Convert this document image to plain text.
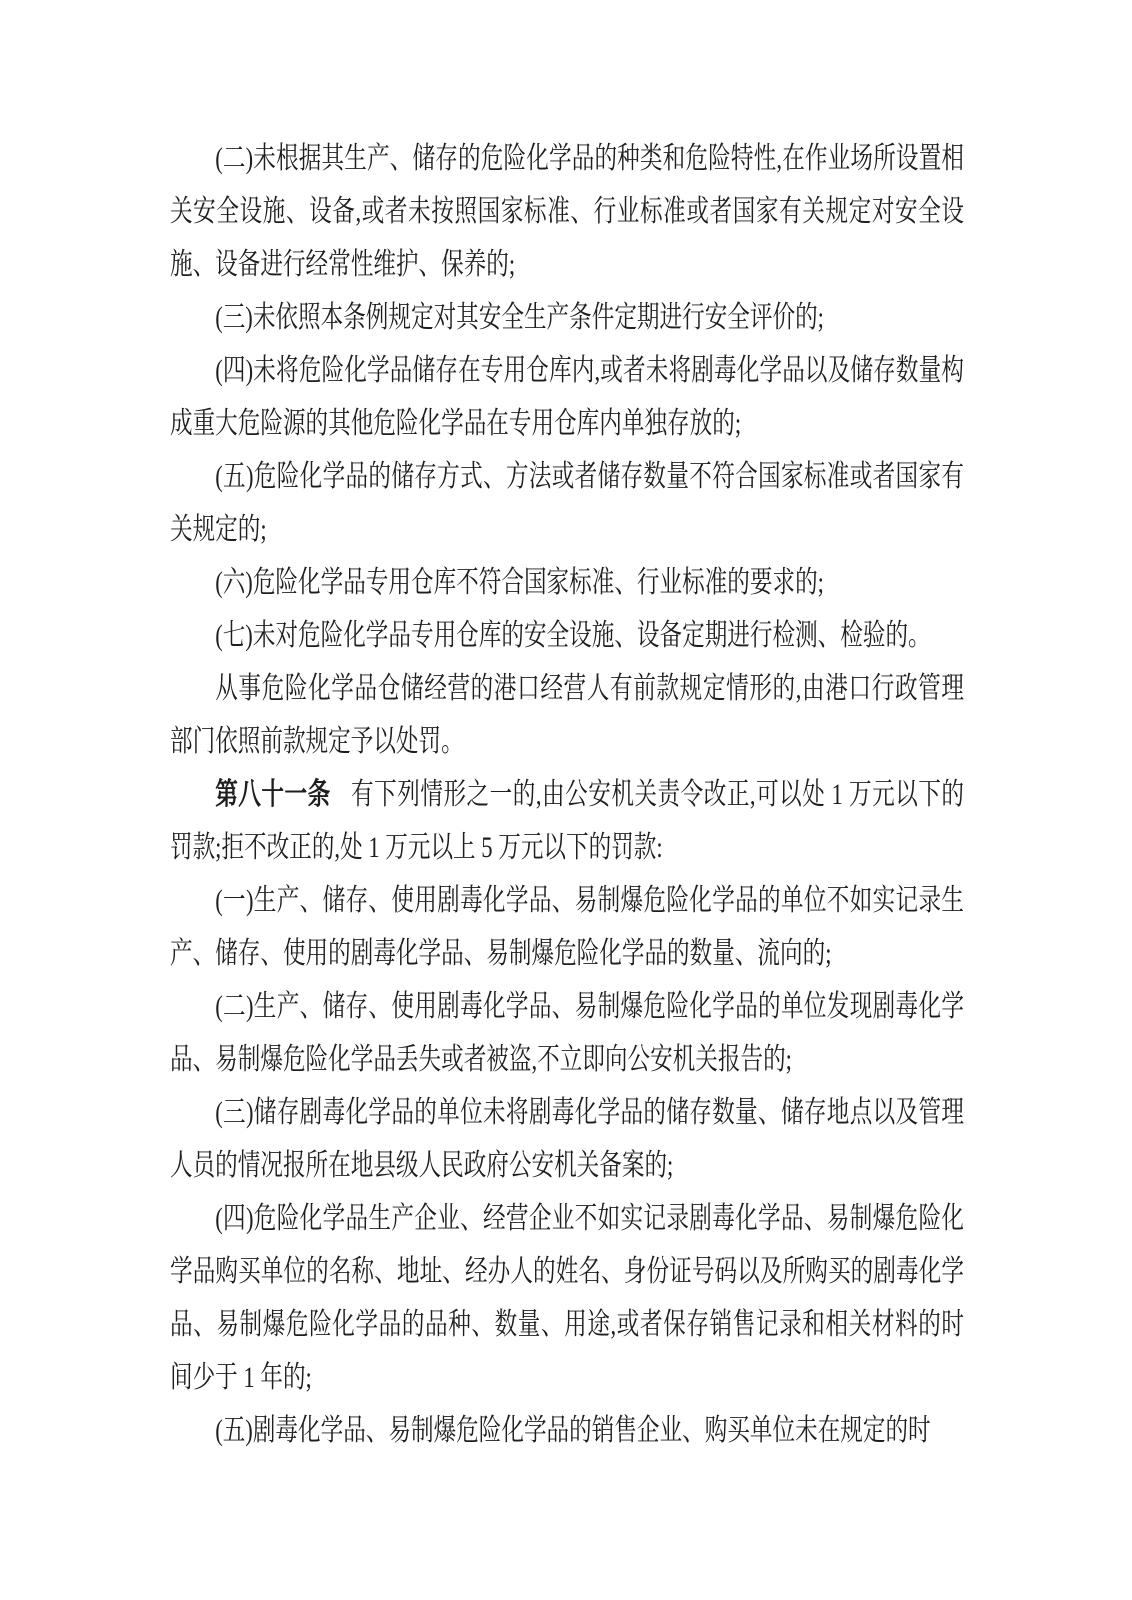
(二)未根据其生产、储存的危险化学品的种类和危险特性,在作业场所设置相关安全设施、设备,或者未按照国家标准、行业标准或者国家有关规定对安全设施、设备进行经常性维护、保养的;

(三)未依照本条例规定对其安全生产条件定期进行安全评价的;

(四)未将危险化学品储存在专用仓库内,或者未将剧毒化学品以及储存数量构成重大危险源的其他危险化学品在专用仓库内单独存放的;

(五)危险化学品的储存方式、方法或者储存数量不符合国家标准或者国家有关规定的;

(六)危险化学品专用仓库不符合国家标准、行业标准的要求的;

(七)未对危险化学品专用仓库的安全设施、设备定期进行检测、检验的。

从事危险化学品仓储经营的港口经营人有前款规定情形的,由港口行政管理部门依照前款规定予以处罚。

第八十一条 有下列情形之一的,由公安机关责令改正,可以处 1 万元以下的罚款;拒不改正的,处 1 万元以上 5 万元以下的罚款:

(一)生产、储存、使用剧毒化学品、易制爆危险化学品的单位不如实记录生产、储存、使用的剧毒化学品、易制爆危险化学品的数量、流向的;

(二)生产、储存、使用剧毒化学品、易制爆危险化学品的单位发现剧毒化学品、易制爆危险化学品丢失或者被盗,不立即向公安机关报告的;

(三)储存剧毒化学品的单位未将剧毒化学品的储存数量、储存地点以及管理人员的情况报所在地县级人民政府公安机关备案的;

(四)危险化学品生产企业、经营企业不如实记录剧毒化学品、易制爆危险化学品购买单位的名称、地址、经办人的姓名、身份证号码以及所购买的剧毒化学品、易制爆危险化学品的品种、数量、用途,或者保存销售记录和相关材料的时间少于 1 年的;

(五)剧毒化学品、易制爆危险化学品的销售企业、购买单位未在规定的时
